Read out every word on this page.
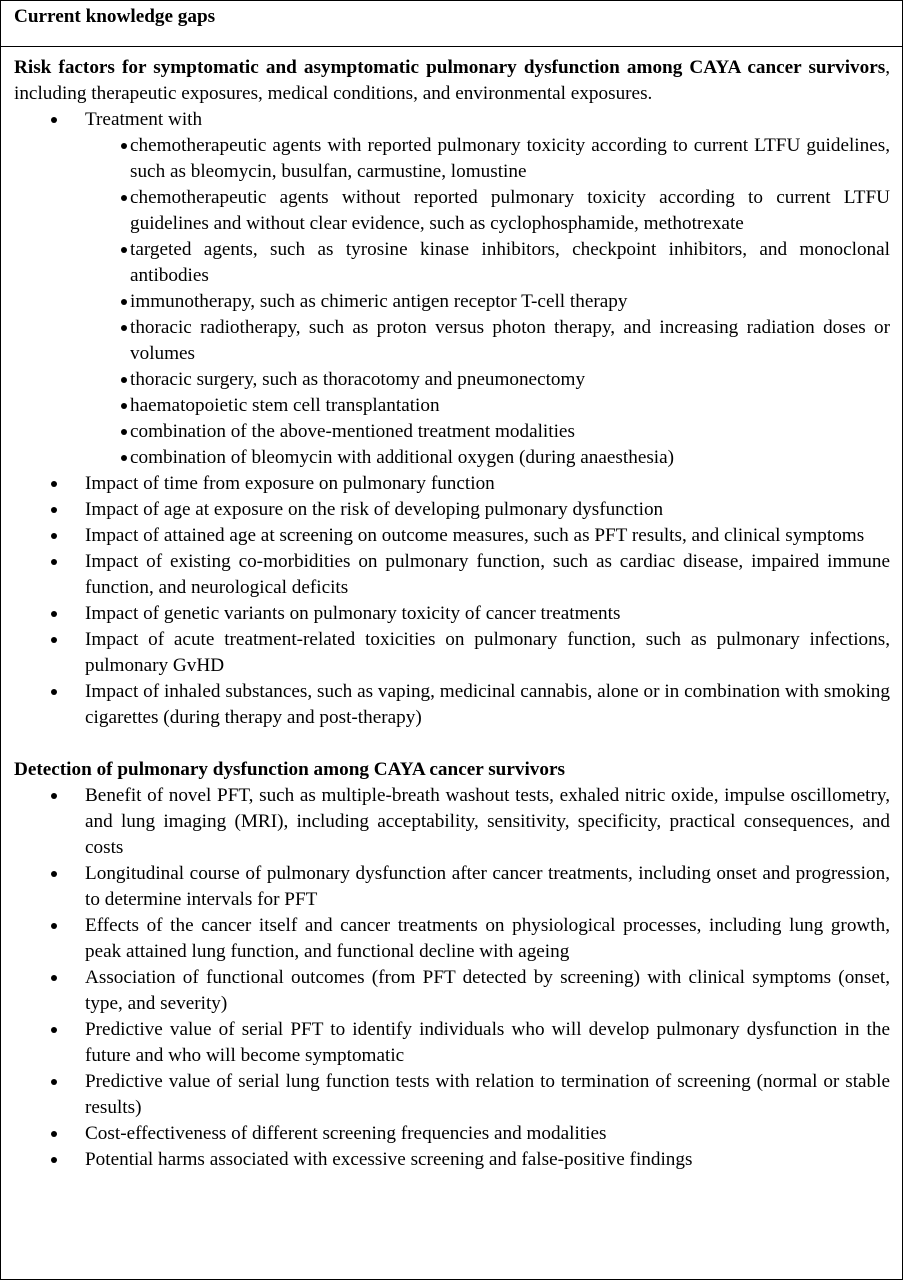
Current knowledge gaps

Risk factors for symptomatic and asymptomatic pulmonary dysfunction among CAYA cancer survivors, including therapeutic exposures, medical conditions, and environmental exposures.

Treatment with
chemotherapeutic agents with reported pulmonary toxicity according to current LTFU guidelines, such as bleomycin, busulfan, carmustine, lomustine
chemotherapeutic agents without reported pulmonary toxicity according to current LTFU guidelines and without clear evidence, such as cyclophosphamide, methotrexate
targeted agents, such as tyrosine kinase inhibitors, checkpoint inhibitors, and monoclonal antibodies
immunotherapy, such as chimeric antigen receptor T-cell therapy
thoracic radiotherapy, such as proton versus photon therapy, and increasing radiation doses or volumes
thoracic surgery, such as thoracotomy and pneumonectomy
haematopoietic stem cell transplantation
combination of the above-mentioned treatment modalities
combination of bleomycin with additional oxygen (during anaesthesia)
Impact of time from exposure on pulmonary function
Impact of age at exposure on the risk of developing pulmonary dysfunction
Impact of attained age at screening on outcome measures, such as PFT results, and clinical symptoms
Impact of existing co-morbidities on pulmonary function, such as cardiac disease, impaired immune function, and neurological deficits
Impact of genetic variants on pulmonary toxicity of cancer treatments
Impact of acute treatment-related toxicities on pulmonary function, such as pulmonary infections, pulmonary GvHD
Impact of inhaled substances, such as vaping, medicinal cannabis, alone or in combination with smoking cigarettes (during therapy and post-therapy)

Detection of pulmonary dysfunction among CAYA cancer survivors

Benefit of novel PFT, such as multiple-breath washout tests, exhaled nitric oxide, impulse oscillometry, and lung imaging (MRI), including acceptability, sensitivity, specificity, practical consequences, and costs
Longitudinal course of pulmonary dysfunction after cancer treatments, including onset and progression, to determine intervals for PFT
Effects of the cancer itself and cancer treatments on physiological processes, including lung growth, peak attained lung function, and functional decline with ageing
Association of functional outcomes (from PFT detected by screening) with clinical symptoms (onset, type, and severity)
Predictive value of serial PFT to identify individuals who will develop pulmonary dysfunction in the future and who will become symptomatic
Predictive value of serial lung function tests with relation to termination of screening (normal or stable results)
Cost-effectiveness of different screening frequencies and modalities
Potential harms associated with excessive screening and false-positive findings
